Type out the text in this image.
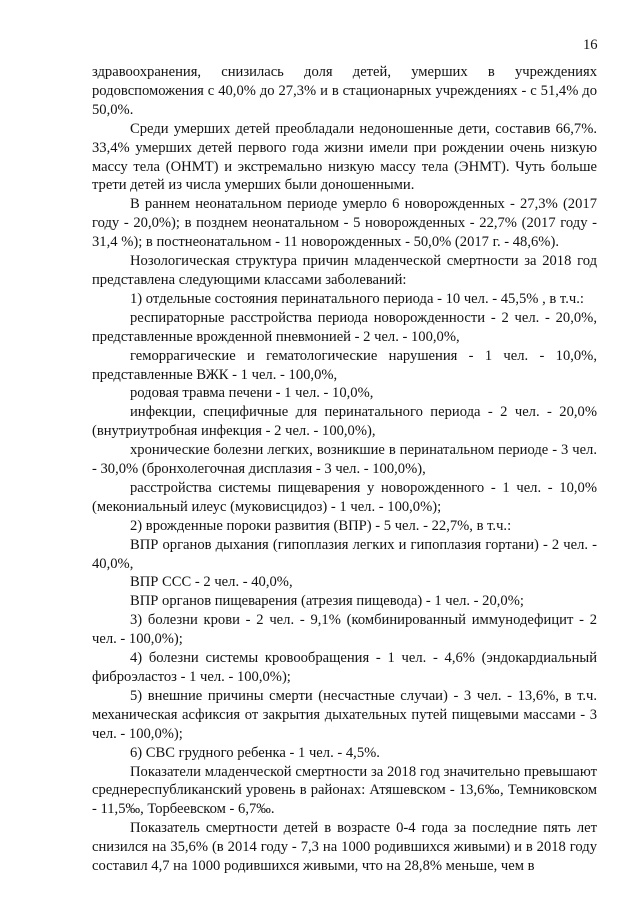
16

здравоохранения, снизилась доля детей, умерших в учреждениях родовспоможения с 40,0% до 27,3% и в стационарных учреждениях - с 51,4% до 50,0%.

Среди умерших детей преобладали недоношенные дети, составив 66,7%. 33,4% умерших детей первого года жизни имели при рождении очень низкую массу тела (ОНМТ) и экстремально низкую массу тела (ЭНМТ). Чуть больше трети детей из числа умерших были доношенными.

В раннем неонатальном периоде умерло 6 новорожденных - 27,3% (2017 году - 20,0%); в позднем неонатальном - 5 новорожденных - 22,7% (2017 году - 31,4 %); в постнеонатальном - 11 новорожденных - 50,0% (2017 г. - 48,6%).

Нозологическая структура причин младенческой смертности за 2018 год представлена следующими классами заболеваний:

1) отдельные состояния перинатального периода - 10 чел. - 45,5% , в т.ч.:

респираторные расстройства периода новорожденности - 2 чел. - 20,0%, представленные врожденной пневмонией - 2 чел. - 100,0%,

геморрагические и гематологические нарушения - 1 чел. - 10,0%, представленные ВЖК - 1 чел. - 100,0%,

родовая травма печени - 1 чел. - 10,0%,

инфекции, специфичные для перинатального периода - 2 чел. - 20,0% (внутриутробная инфекция - 2 чел. - 100,0%),

хронические болезни легких, возникшие в перинатальном периоде - 3 чел. - 30,0% (бронхолегочная дисплазия - 3 чел. - 100,0%),

расстройства системы пищеварения у новорожденного - 1 чел. - 10,0% (мекониальный илеус (муковисцидоз) - 1 чел. - 100,0%);

2) врожденные пороки развития (ВПР) - 5 чел. - 22,7%, в т.ч.:

ВПР органов дыхания (гипоплазия легких и гипоплазия гортани) - 2 чел. - 40,0%,

ВПР ССС - 2 чел. - 40,0%,

ВПР органов пищеварения (атрезия пищевода) - 1 чел. - 20,0%;

3) болезни крови - 2 чел. - 9,1% (комбинированный иммунодефицит - 2 чел. - 100,0%);

4) болезни системы кровообращения - 1 чел. - 4,6% (эндокардиальный фиброэластоз - 1 чел. - 100,0%);

5) внешние причины смерти (несчастные случаи) - 3 чел. - 13,6%, в т.ч. механическая асфиксия от закрытия дыхательных путей пищевыми массами - 3 чел. - 100,0%);

6) СВС грудного ребенка - 1 чел. - 4,5%.

Показатели младенческой смертности за 2018 год значительно превышают среднереспубликанский уровень в районах: Атяшевском - 13,6‰, Темниковском - 11,5‰, Торбеевском - 6,7‰.

Показатель смертности детей в возрасте 0-4 года за последние пять лет снизился на 35,6% (в 2014 году - 7,3 на 1000 родившихся живыми) и в 2018 году составил 4,7 на 1000 родившихся живыми, что на 28,8% меньше, чем в
